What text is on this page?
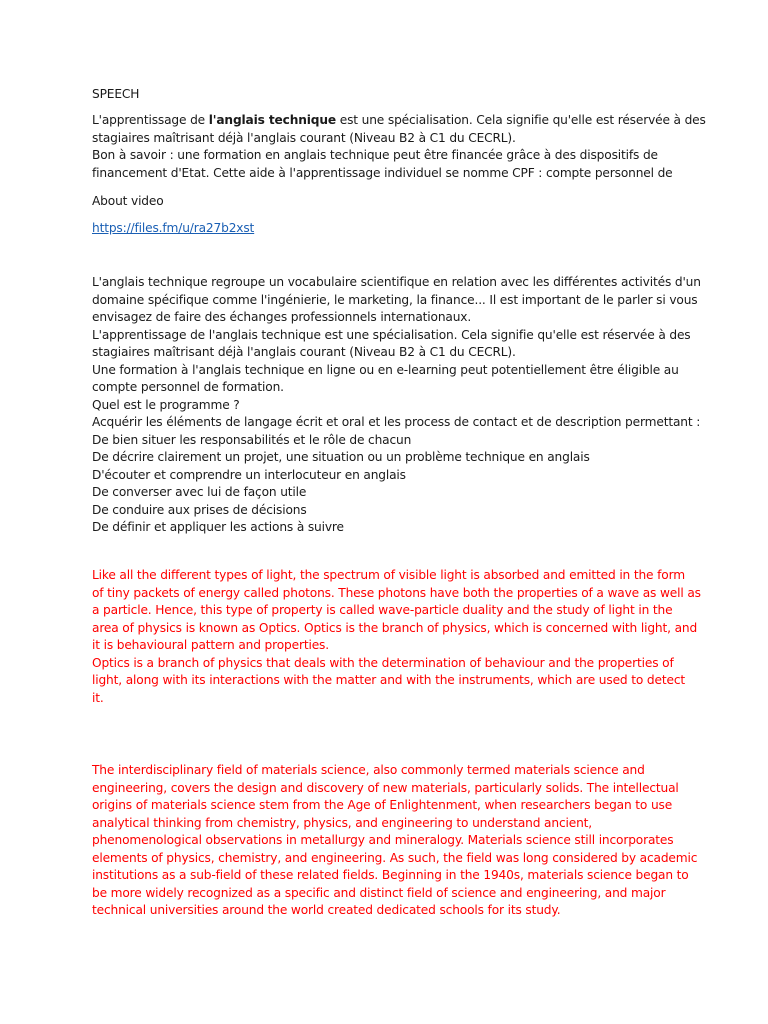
SPEECH
L'apprentissage de l'anglais technique est une spécialisation. Cela signifie qu'elle est réservée à des
stagiaires maîtrisant déjà l'anglais courant (Niveau B2 à C1 du CECRL).
Bon à savoir : une formation en anglais technique peut être financée grâce à des dispositifs de
financement d'Etat. Cette aide à l'apprentissage individuel se nomme CPF : compte personnel de
About video
https://files.fm/u/ra27b2xst
L'anglais technique regroupe un vocabulaire scientifique en relation avec les différentes activités d'un
domaine spécifique comme l'ingénierie, le marketing, la finance... Il est important de le parler si vous
envisagez de faire des échanges professionnels internationaux.
L'apprentissage de l'anglais technique est une spécialisation. Cela signifie qu'elle est réservée à des
stagiaires maîtrisant déjà l'anglais courant (Niveau B2 à C1 du CECRL).
Une formation à l'anglais technique en ligne ou en e-learning peut potentiellement être éligible au
compte personnel de formation.
Quel est le programme ?
Acquérir les éléments de langage écrit et oral et les process de contact et de description permettant :
De bien situer les responsabilités et le rôle de chacun
De décrire clairement un projet, une situation ou un problème technique en anglais
D'écouter et comprendre un interlocuteur en anglais
De converser avec lui de façon utile
De conduire aux prises de décisions
De définir et appliquer les actions à suivre
Like all the different types of light, the spectrum of visible light is absorbed and emitted in the form
of tiny packets of energy called photons. These photons have both the properties of a wave as well as
a particle. Hence, this type of property is called wave-particle duality and the study of light in the
area of physics is known as Optics. Optics is the branch of physics, which is concerned with light, and
it is behavioural pattern and properties.
Optics is a branch of physics that deals with the determination of behaviour and the properties of
light, along with its interactions with the matter and with the instruments, which are used to detect
it.
The interdisciplinary field of materials science, also commonly termed materials science and
engineering, covers the design and discovery of new materials, particularly solids. The intellectual
origins of materials science stem from the Age of Enlightenment, when researchers began to use
analytical thinking from chemistry, physics, and engineering to understand ancient,
phenomenological observations in metallurgy and mineralogy. Materials science still incorporates
elements of physics, chemistry, and engineering. As such, the field was long considered by academic
institutions as a sub-field of these related fields. Beginning in the 1940s, materials science began to
be more widely recognized as a specific and distinct field of science and engineering, and major
technical universities around the world created dedicated schools for its study.
